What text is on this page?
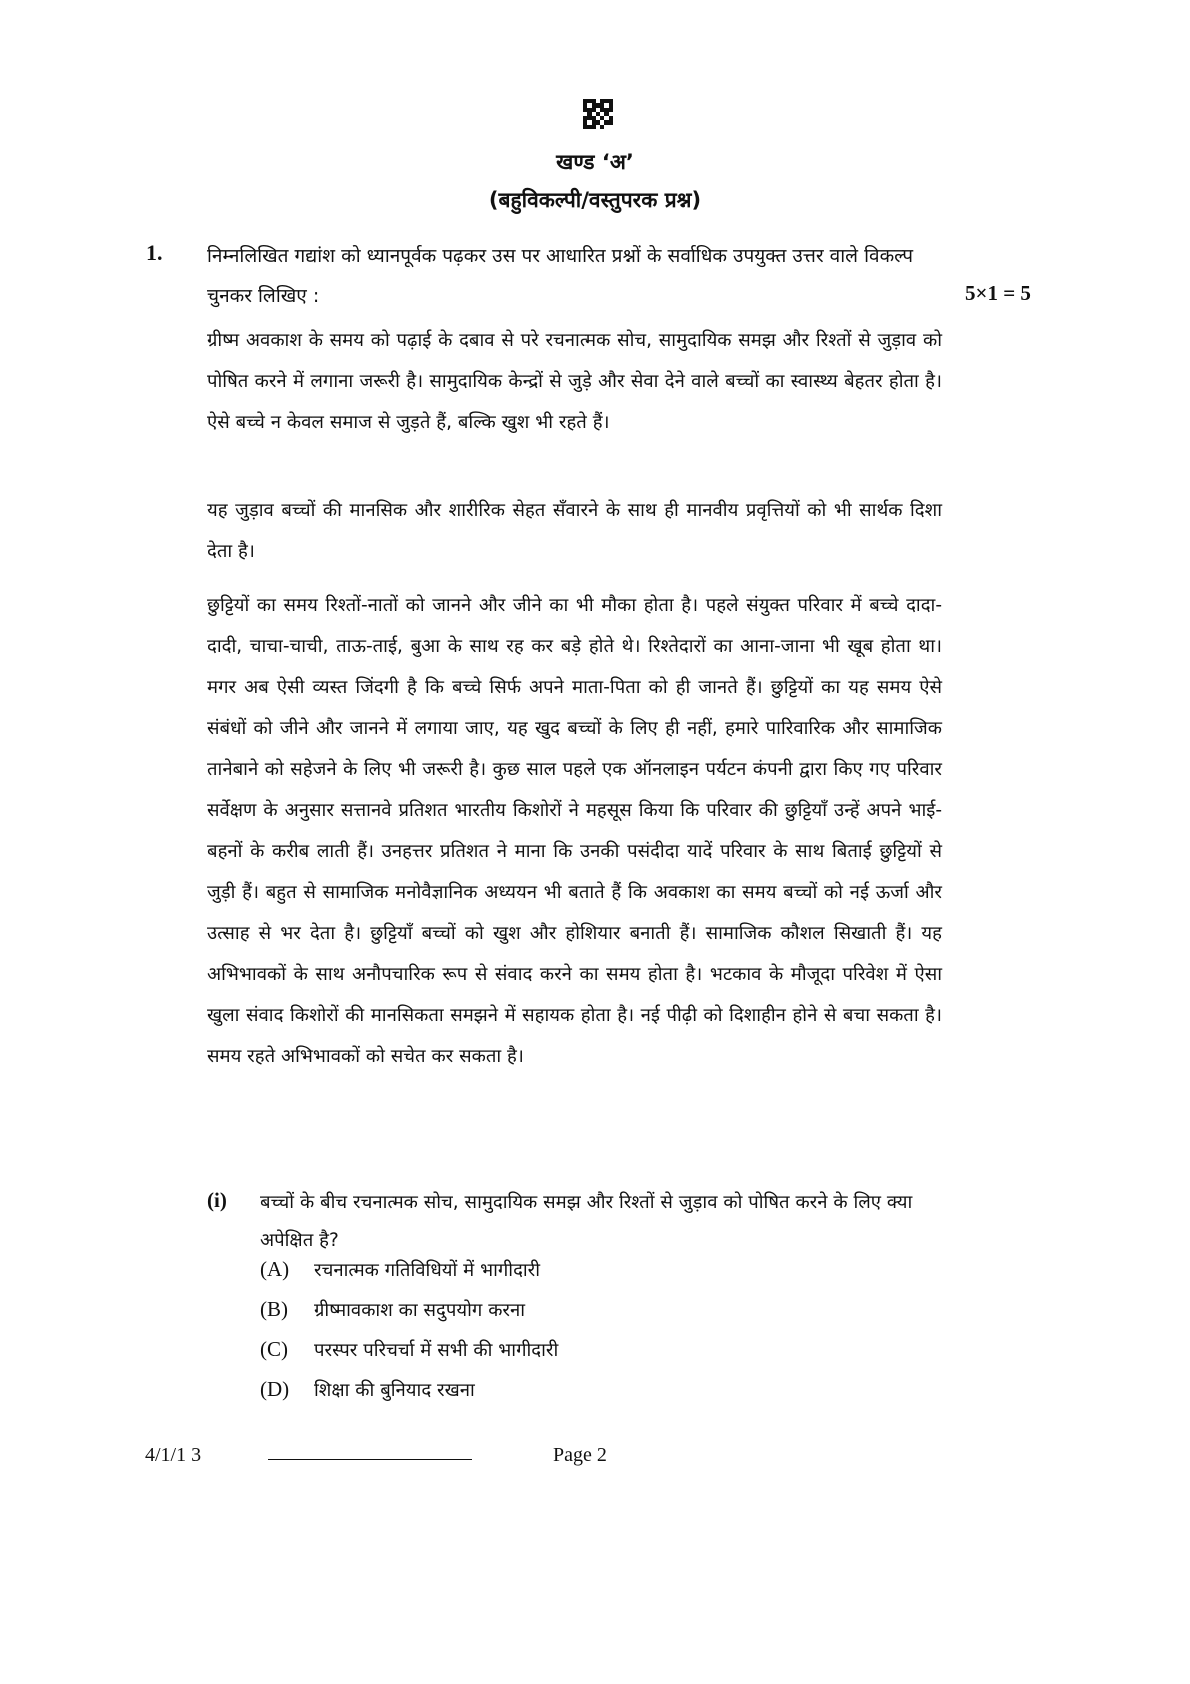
खण्ड ‘अ’
(बहुविकल्पी/वस्तुपरक प्रश्न)
1. निम्नलिखित गद्यांश को ध्यानपूर्वक पढ़कर उस पर आधारित प्रश्नों के सर्वाधिक उपयुक्त उत्तर वाले विकल्प चुनकर लिखिए :	5×1 = 5

ग्रीष्म अवकाश के समय को पढ़ाई के दबाव से परे रचनात्मक सोच, सामुदायिक समझ और रिश्तों से जुड़ाव को पोषित करने में लगाना जरूरी है। सामुदायिक केन्द्रों से जुड़े और सेवा देने वाले बच्चों का स्वास्थ्य बेहतर होता है। ऐसे बच्चे न केवल समाज से जुड़ते हैं, बल्कि खुश भी रहते हैं।

यह जुड़ाव बच्चों की मानसिक और शारीरिक सेहत सँवारने के साथ ही मानवीय प्रवृत्तियों को भी सार्थक दिशा देता है।

छुट्टियों का समय रिश्तों-नातों को जानने और जीने का भी मौका होता है। पहले संयुक्त परिवार में बच्चे दादा-दादी, चाचा-चाची, ताऊ-ताई, बुआ के साथ रह कर बड़े होते थे। रिश्तेदारों का आना-जाना भी खूब होता था। मगर अब ऐसी व्यस्त जिंदगी है कि बच्चे सिर्फ अपने माता-पिता को ही जानते हैं। छुट्टियों का यह समय ऐसे संबंधों को जीने और जानने में लगाया जाए, यह खुद बच्चों के लिए ही नहीं, हमारे पारिवारिक और सामाजिक तानेबाने को सहेजने के लिए भी जरूरी है। कुछ साल पहले एक ऑनलाइन पर्यटन कंपनी द्वारा किए गए परिवार सर्वेक्षण के अनुसार सत्तानवे प्रतिशत भारतीय किशोरों ने महसूस किया कि परिवार की छुट्टियाँ उन्हें अपने भाई-बहनों के करीब लाती हैं। उनहत्तर प्रतिशत ने माना कि उनकी पसंदीदा यादें परिवार के साथ बिताई छुट्टियों से जुड़ी हैं। बहुत से सामाजिक मनोवैज्ञानिक अध्ययन भी बताते हैं कि अवकाश का समय बच्चों को नई ऊर्जा और उत्साह से भर देता है। छुट्टियाँ बच्चों को खुश और होशियार बनाती हैं। सामाजिक कौशल सिखाती हैं। यह अभिभावकों के साथ अनौपचारिक रूप से संवाद करने का समय होता है। भटकाव के मौजूदा परिवेश में ऐसा खुला संवाद किशोरों की मानसिकता समझने में सहायक होता है। नई पीढ़ी को दिशाहीन होने से बचा सकता है। समय रहते अभिभावकों को सचेत कर सकता है।

(i) बच्चों के बीच रचनात्मक सोच, सामुदायिक समझ और रिश्तों से जुड़ाव को पोषित करने के लिए क्या अपेक्षित है?
(A)	रचनात्मक गतिविधियों में भागीदारी
(B)	ग्रीष्मावकाश का सदुपयोग करना
(C)	परस्पर परिचर्चा में सभी की भागीदारी
(D)	शिक्षा की बुनियाद रखना
4/1/1 3	Page 2
